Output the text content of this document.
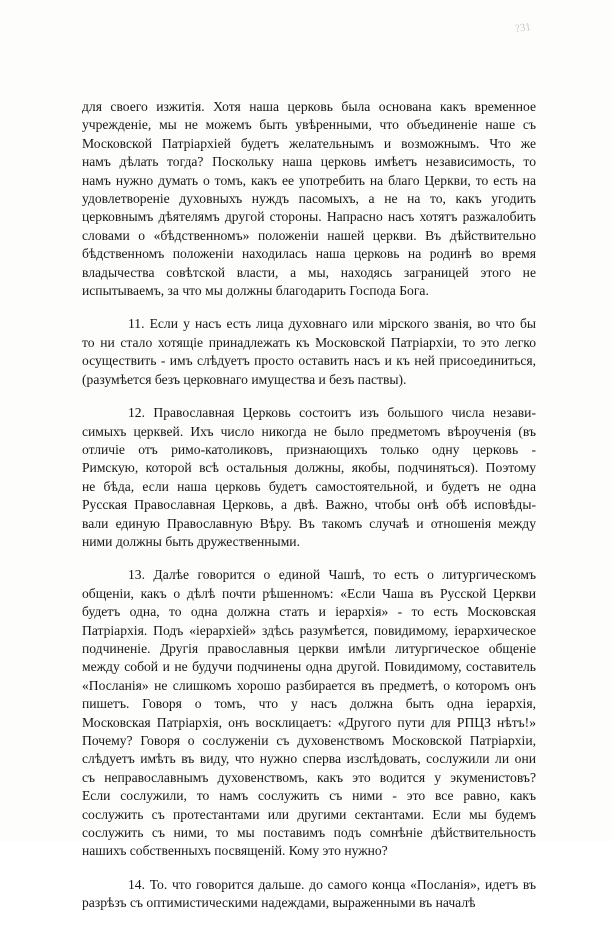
?31
для своего изжитія. Хотя наша церковь была основана какъ временное
учрежденіе, мы не можемъ быть увѣренными, что объединеніе наше съ
Московской Патріархіей будетъ желательнымъ и возможнымъ. Что же
намъ дѣлать тогда? Поскольку наша церковь имѣетъ независимость, то
намъ нужно думать о томъ, какъ ее употребить на благо Церкви, то есть на
удовлетвореніе духовныхъ нуждъ пасомыхъ, а не на то, какъ угодить
церковнымъ дѣятелямъ другой стороны. Напрасно насъ хотятъ разжалобить
словами о «бѣдственномъ» положеніи нашей церкви. Въ дѣйствительно
бѣдственномъ положеніи находилась наша церковь на родинѣ во время
владычества совѣтской власти, а мы, находясь заграницей этого не
испытываемъ, за что мы должны благодарить Господа Бога.
11. Если у насъ есть лица духовнаго или мірского званія, во что бы
то ни стало хотящіе принадлежать къ Московской Патріархіи, то это легко
осуществить - имъ слѣдуетъ просто оставить насъ и къ ней присоединиться,
(разумѣется безъ церковнаго имущества и безъ паствы).
12. Православная Церковь состоитъ изъ большого числа незави-
симыхъ церквей. Ихъ число никогда не было предметомъ вѣроученія (въ
отличіе отъ римо-католиковъ, признающихъ только одну церковь -
Римскую, которой всѣ остальныя должны, якобы, подчиняться). Поэтому
не бѣда, если наша церковь будетъ самостоятельной, и будетъ не одна
Русская Православная Церковь, а двѣ. Важно, чтобы онѣ обѣ исповѣды-
вали единую Православную Вѣру. Въ такомъ случаѣ и отношенія между
ними должны быть дружественными.
13. Далѣе говорится о единой Чашѣ, то есть о литургическомъ
общеніи, какъ о дѣлѣ почти рѣшенномъ: «Если Чаша въ Русской Церкви
будетъ одна, то одна должна стать и іерархія» - то есть Московская
Патріархія. Подъ «іерархіей» здѣсь разумѣется, повидимому, іерархическое
подчиненіе. Другія православныя церкви имѣли литургическое общеніе
между собой и не будучи подчинены одна другой. Повидимому, составитель
«Посланія» не слишкомъ хорошо разбирается въ предметѣ, о котоpомъ онъ
пишетъ. Говоря о томъ, что у насъ должна быть одна іерархія,
Московская Патріархія, онъ восклицаетъ: «Другого пути для РПЦЗ нѣтъ!»
Почему? Говоря о сослуженіи съ духовенствомъ Московской Патріархіи,
слѣдуетъ имѣть въ виду, что нужно сперва изслѣдовать, сослужили ли они
съ неправославнымъ духовенствомъ, какъ это водится у экуменистовъ?
Если сослужили, то намъ сослужить съ ними - это все равно, какъ
сослужить съ протестантами или другими сектантами. Если мы будемъ
сослужить съ ними, то мы поставимъ подъ сомнѣніе дѣйствительность
нашихъ собственныхъ посвященій. Кому это нужно?
14. То. что говорится дальше. до самого конца «Посланія», идетъ въ
разрѣзъ съ оптимистическими надеждами, выраженными въ началѣ
